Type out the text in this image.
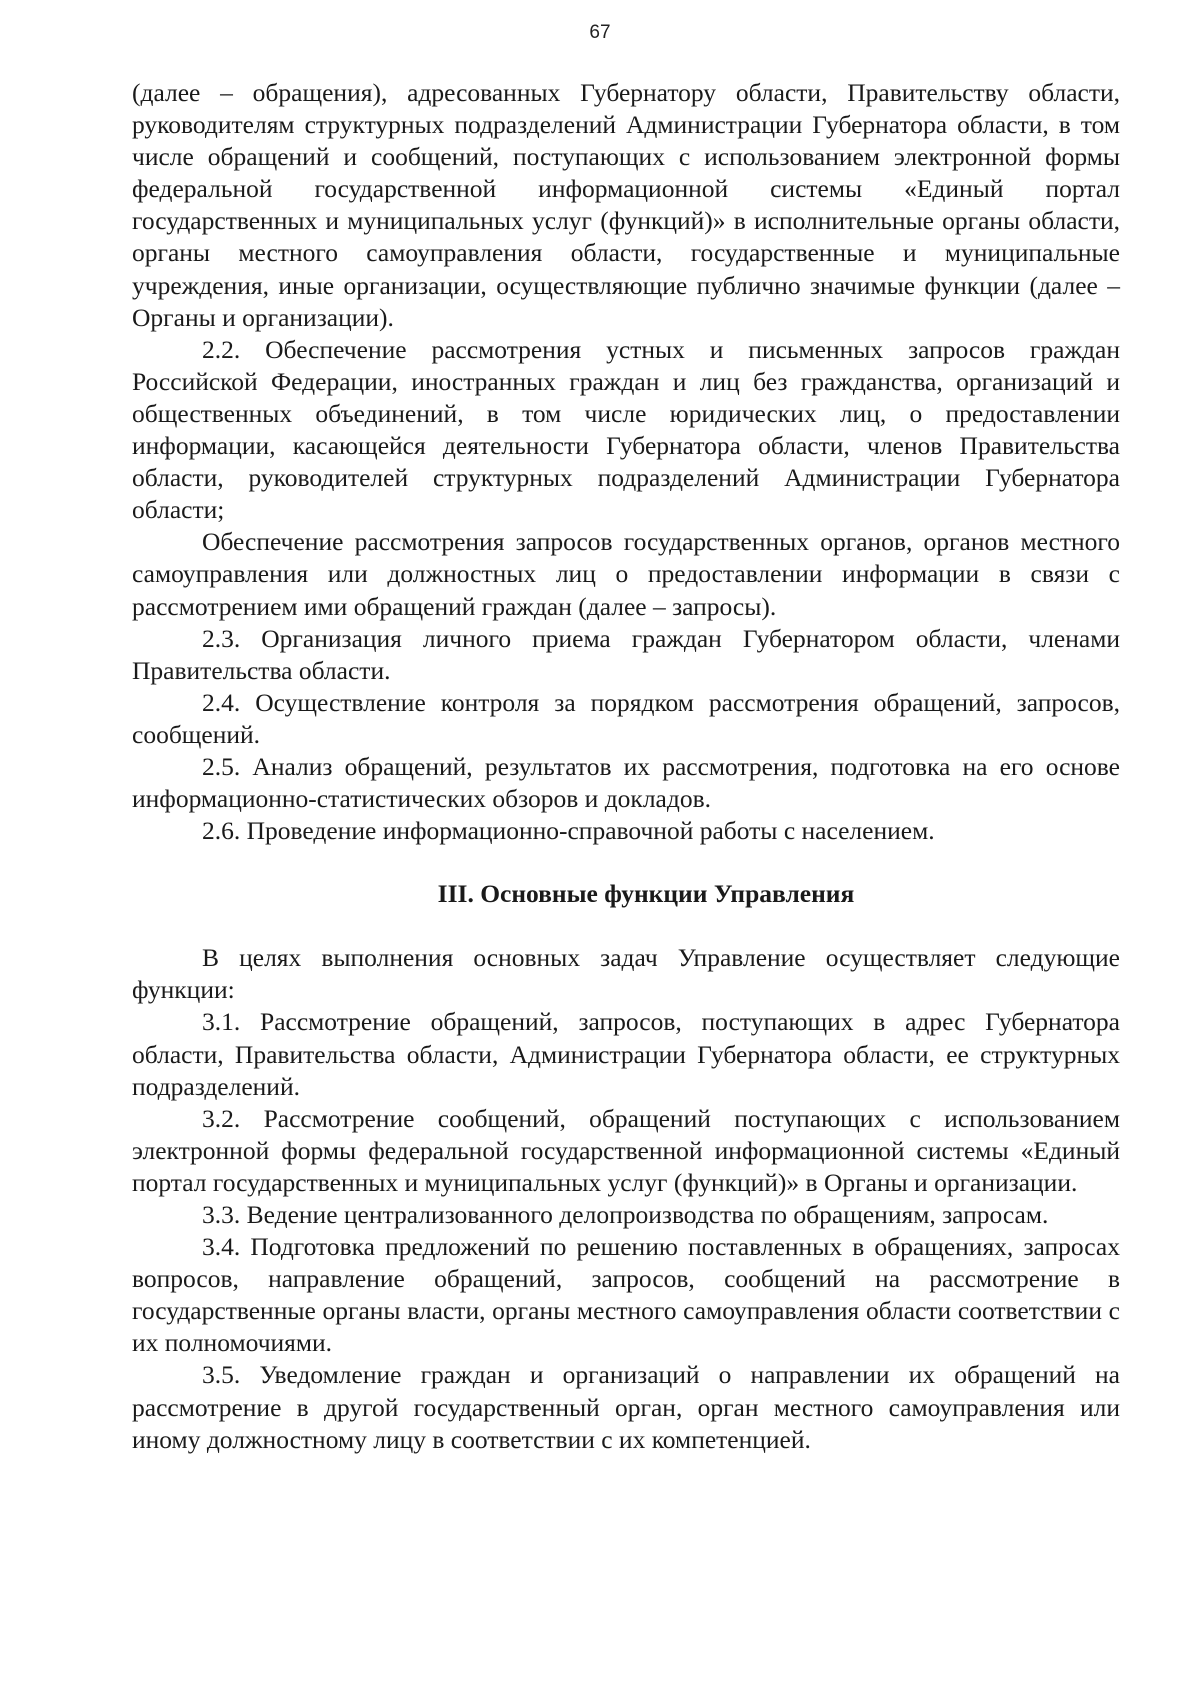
67

(далее – обращения), адресованных Губернатору области, Правительству области, руководителям структурных подразделений Администрации Губернатора области, в том числе обращений и сообщений, поступающих с использованием электронной формы федеральной государственной информационной системы «Единый портал государственных и муниципальных услуг (функций)» в исполнительные органы области, органы местного самоуправления области, государственные и муниципальные учреждения, иные организации, осуществляющие публично значимые функции (далее – Органы и организации).

2.2. Обеспечение рассмотрения устных и письменных запросов граждан Российской Федерации, иностранных граждан и лиц без гражданства, организаций и общественных объединений, в том числе юридических лиц, о предоставлении информации, касающейся деятельности Губернатора области, членов Правительства области, руководителей структурных подразделений Администрации Губернатора области;

Обеспечение рассмотрения запросов государственных органов, органов местного самоуправления или должностных лиц о предоставлении информации в связи с рассмотрением ими обращений граждан (далее – запросы).

2.3. Организация личного приема граждан Губернатором области, членами Правительства области.

2.4. Осуществление контроля за порядком рассмотрения обращений, запросов, сообщений.

2.5. Анализ обращений, результатов их рассмотрения, подготовка на его основе информационно-статистических обзоров и докладов.

2.6. Проведение информационно-справочной работы с населением.

III. Основные функции Управления

В целях выполнения основных задач Управление осуществляет следующие функции:

3.1. Рассмотрение обращений, запросов, поступающих в адрес Губернатора области, Правительства области, Администрации Губернатора области, ее структурных подразделений.

3.2. Рассмотрение сообщений, обращений поступающих с использованием электронной формы федеральной государственной информационной системы «Единый портал государственных и муниципальных услуг (функций)» в Органы и организации.

3.3. Ведение централизованного делопроизводства по обращениям, запросам.

3.4. Подготовка предложений по решению поставленных в обращениях, запросах вопросов, направление обращений, запросов, сообщений на рассмотрение в государственные органы власти, органы местного самоуправления области соответствии с их полномочиями.

3.5. Уведомление граждан и организаций о направлении их обращений на рассмотрение в другой государственный орган, орган местного самоуправления или иному должностному лицу в соответствии с их компетенцией.
